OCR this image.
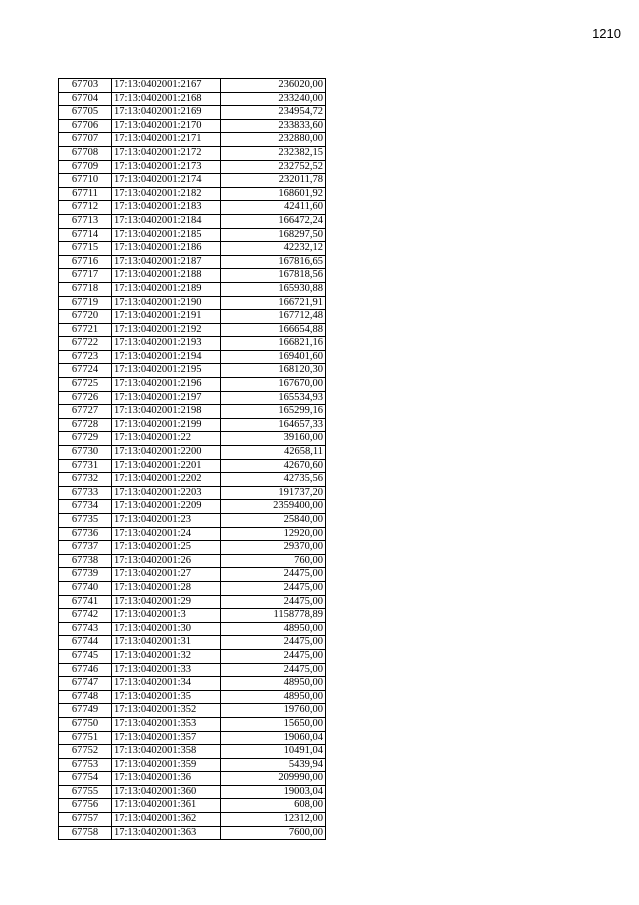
1210
67703	17:13:0402001:2167	236020,00
67704	17:13:0402001:2168	233240,00
67705	17:13:0402001:2169	234954,72
67706	17:13:0402001:2170	233833,60
67707	17:13:0402001:2171	232880,00
67708	17:13:0402001:2172	232382,15
67709	17:13:0402001:2173	232752,52
67710	17:13:0402001:2174	232011,78
67711	17:13:0402001:2182	168601,92
67712	17:13:0402001:2183	42411,60
67713	17:13:0402001:2184	166472,24
67714	17:13:0402001:2185	168297,50
67715	17:13:0402001:2186	42232,12
67716	17:13:0402001:2187	167816,65
67717	17:13:0402001:2188	167818,56
67718	17:13:0402001:2189	165930,88
67719	17:13:0402001:2190	166721,91
67720	17:13:0402001:2191	167712,48
67721	17:13:0402001:2192	166654,88
67722	17:13:0402001:2193	166821,16
67723	17:13:0402001:2194	169401,60
67724	17:13:0402001:2195	168120,30
67725	17:13:0402001:2196	167670,00
67726	17:13:0402001:2197	165534,93
67727	17:13:0402001:2198	165299,16
67728	17:13:0402001:2199	164657,33
67729	17:13:0402001:22	39160,00
67730	17:13:0402001:2200	42658,11
67731	17:13:0402001:2201	42670,60
67732	17:13:0402001:2202	42735,56
67733	17:13:0402001:2203	191737,20
67734	17:13:0402001:2209	2359400,00
67735	17:13:0402001:23	25840,00
67736	17:13:0402001:24	12920,00
67737	17:13:0402001:25	29370,00
67738	17:13:0402001:26	760,00
67739	17:13:0402001:27	24475,00
67740	17:13:0402001:28	24475,00
67741	17:13:0402001:29	24475,00
67742	17:13:0402001:3	1158778,89
67743	17:13:0402001:30	48950,00
67744	17:13:0402001:31	24475,00
67745	17:13:0402001:32	24475,00
67746	17:13:0402001:33	24475,00
67747	17:13:0402001:34	48950,00
67748	17:13:0402001:35	48950,00
67749	17:13:0402001:352	19760,00
67750	17:13:0402001:353	15650,00
67751	17:13:0402001:357	19060,04
67752	17:13:0402001:358	10491,04
67753	17:13:0402001:359	5439,94
67754	17:13:0402001:36	209990,00
67755	17:13:0402001:360	19003,04
67756	17:13:0402001:361	608,00
67757	17:13:0402001:362	12312,00
67758	17:13:0402001:363	7600,00
